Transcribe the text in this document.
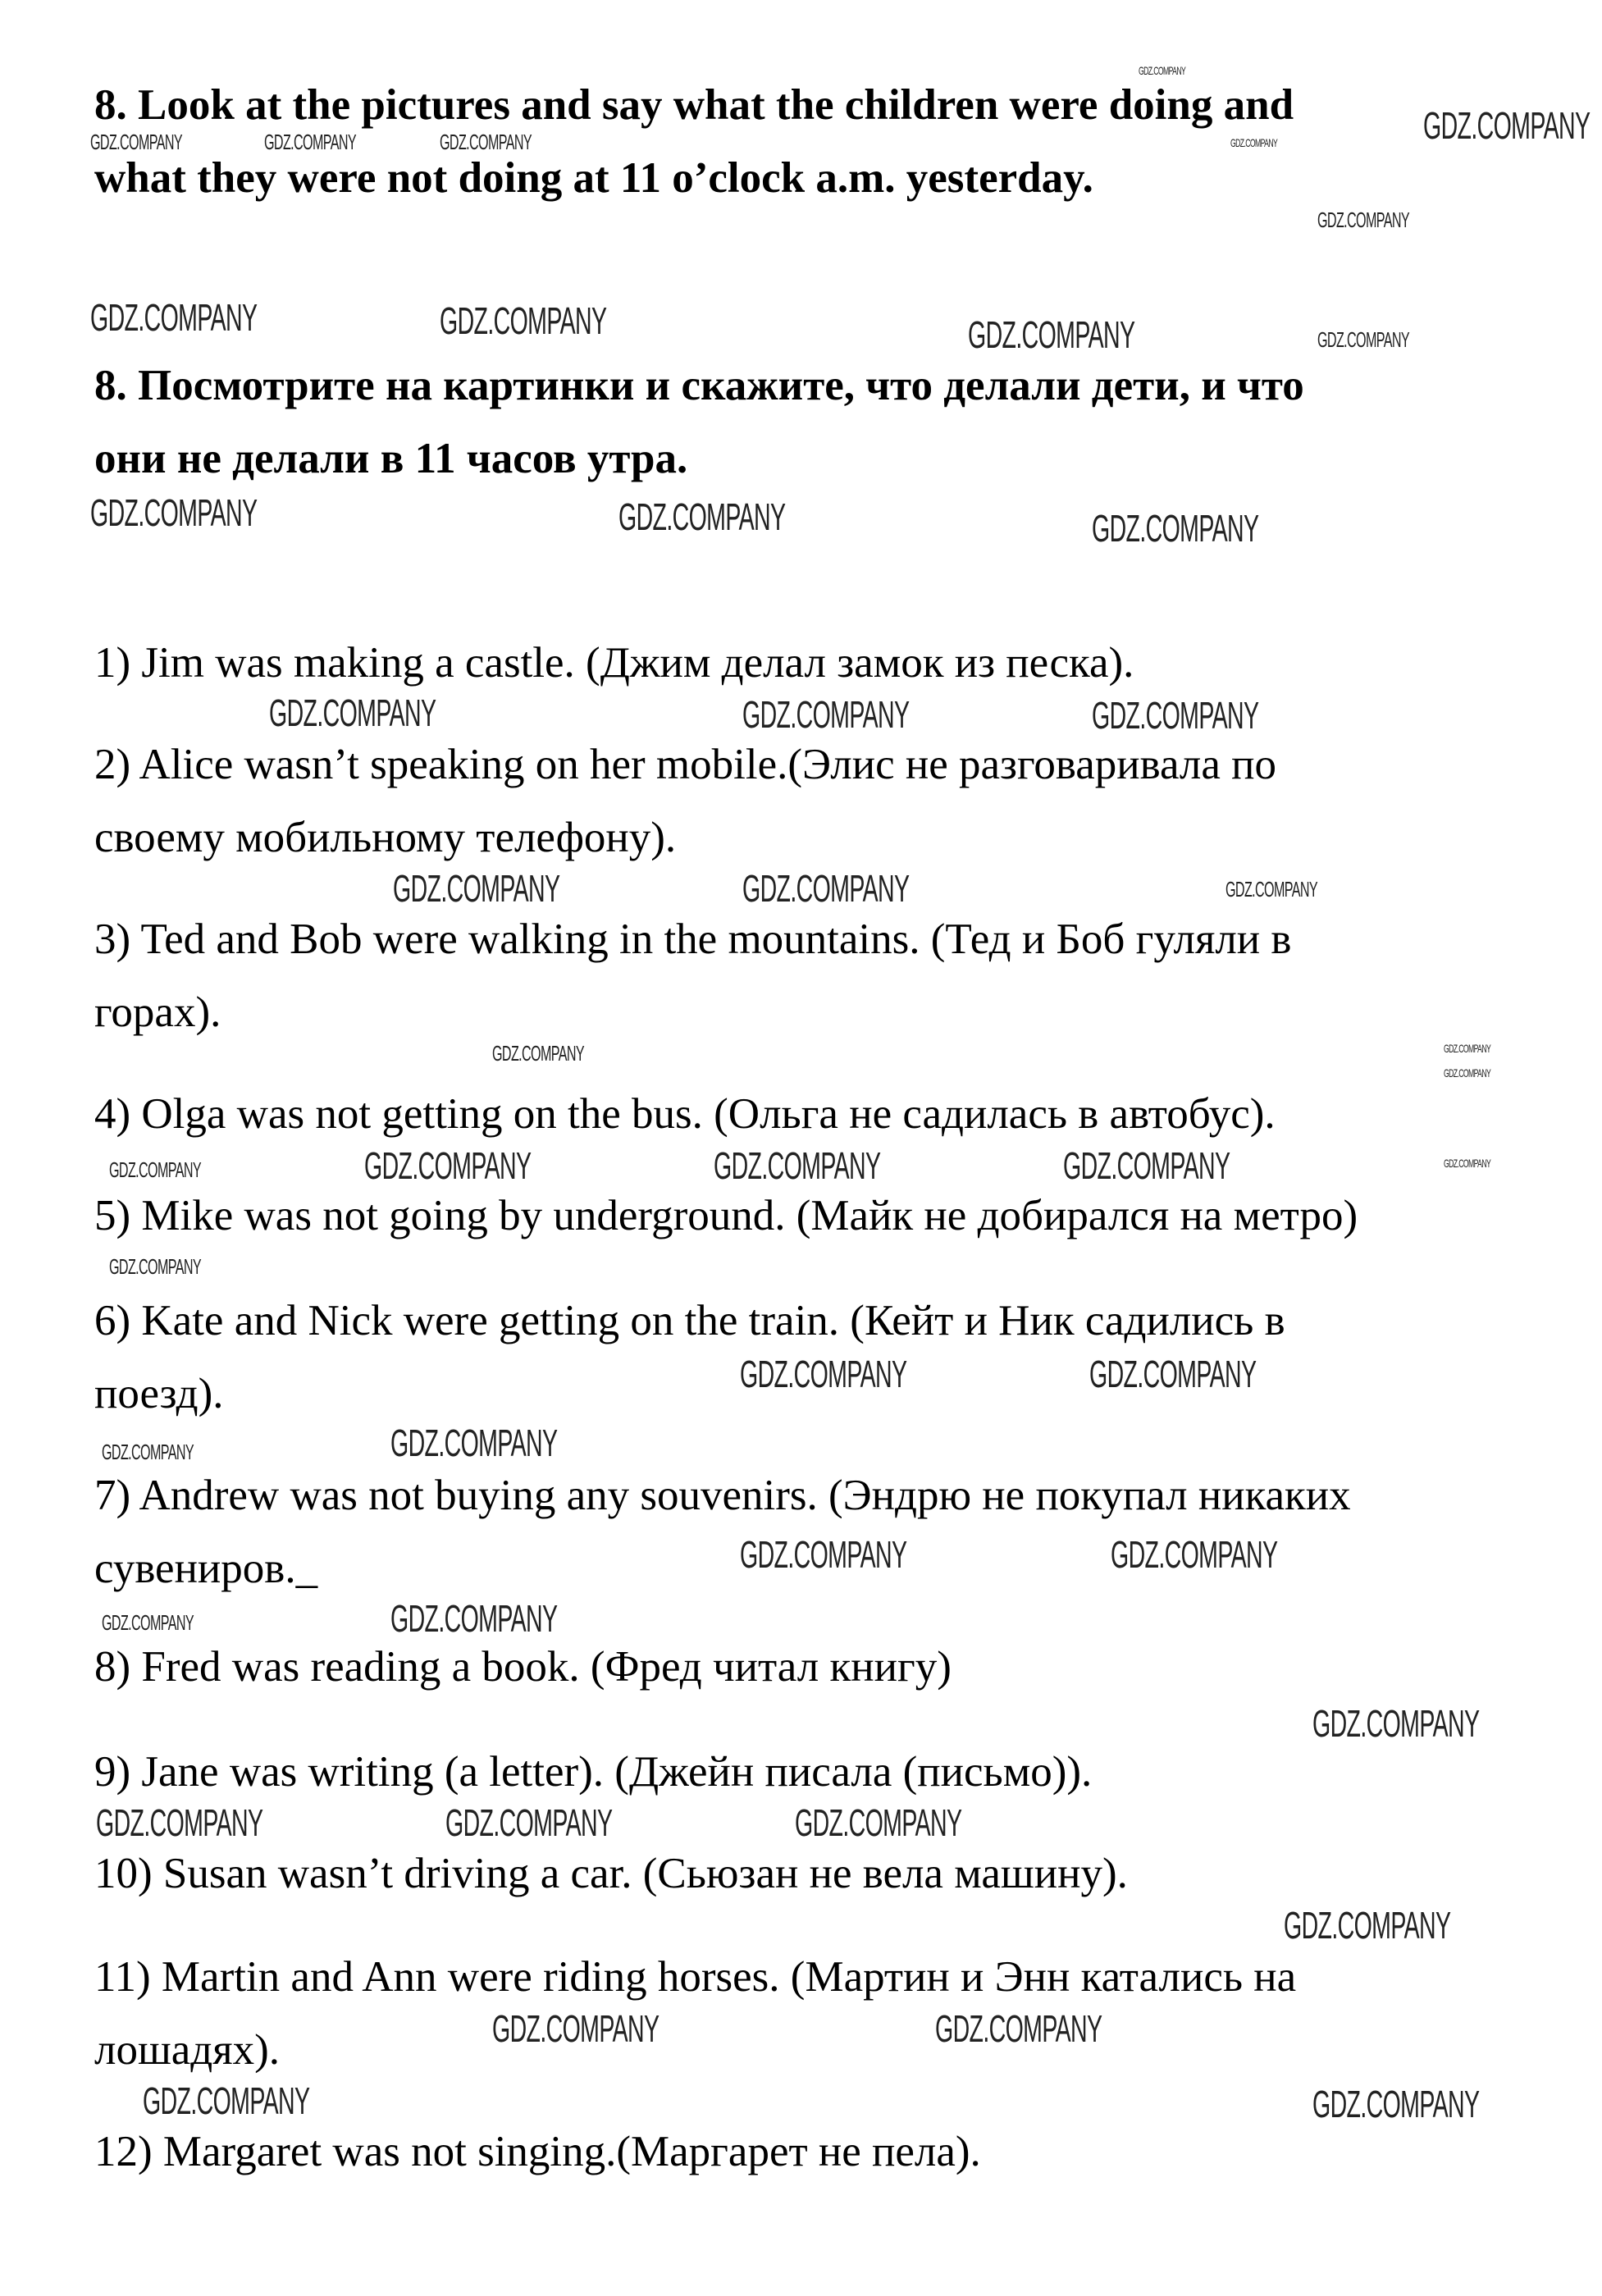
8. Look at the pictures and say what the children were doing and
what they were not doing at 11 o’clock a.m. yesterday.
8. Посмотрите на картинки и скажите, что делали дети, и что
они не делали в 11 часов утра.
1) Jim was making a castle. (Джим делал замок из песка).
2) Alice wasn’t speaking on her mobile.(Элис не разговаривала по
своему мобильному телефону).
3) Ted and Bob were walking in the mountains. (Тед и Боб гуляли в
горах).
4) Olga was not getting on the bus. (Ольга не садилась в автобус).
5) Mike was not going by underground. (Майк не добирался на метро)
6) Kate and Nick were getting on the train. (Кейт и Ник садились в
поезд).
7) Andrew was not buying any souvenirs. (Эндрю не покупал никаких
сувениров._
8) Fred was reading a book. (Фред читал книгу)
9) Jane was writing (a letter). (Джейн писала (письмо)).
10) Susan wasn’t driving a car. (Сьюзан не вела машину).
11) Martin and Ann were riding horses. (Мартин и Энн катались на
лошадях).
12) Margaret was not singing.(Маргарет не пела).
GDZ.COMPANY
GDZ.COMPANY
GDZ.COMPANY	GDZ.COMPANY	GDZ.COMPANY	GDZ.COMPANY
GDZ.COMPANY
GDZ.COMPANY	GDZ.COMPANY	GDZ.COMPANY	GDZ.COMPANY
GDZ.COMPANY	GDZ.COMPANY	GDZ.COMPANY
GDZ.COMPANY	GDZ.COMPANY	GDZ.COMPANY
GDZ.COMPANY	GDZ.COMPANY	GDZ.COMPANY
GDZ.COMPANY	GDZ.COMPANY
GDZ.COMPANY
GDZ.COMPANY
GDZ.COMPANY	GDZ.COMPANY
GDZ.COMPANY
GDZ.COMPANY
GDZ.COMPANY
GDZ.COMPANY	GDZ.COMPANY
GDZ.COMPANY
GDZ.COMPANY
GDZ.COMPANY	GDZ.COMPANY
GDZ.COMPANY	GDZ.COMPANY
GDZ.COMPANY
GDZ.COMPANY	GDZ.COMPANY	GDZ.COMPANY
GDZ.COMPANY
GDZ.COMPANY	GDZ.COMPANY
GDZ.COMPANY	GDZ.COMPANY
